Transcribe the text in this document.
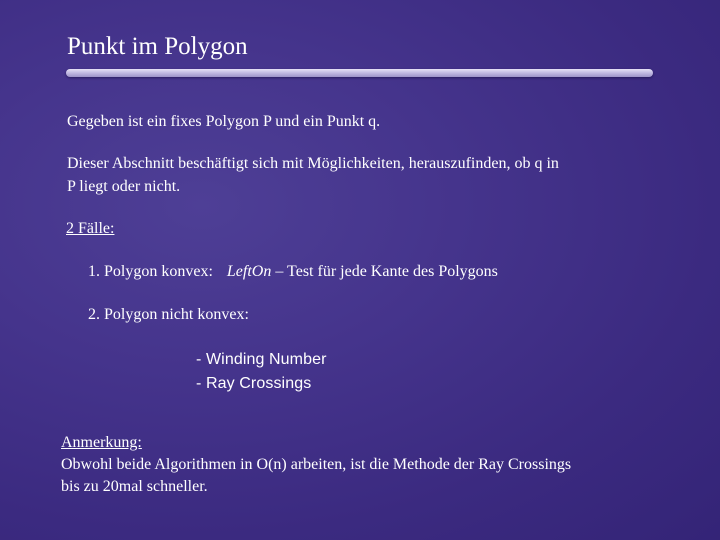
Punkt im Polygon
Gegeben ist ein fixes Polygon P und ein Punkt q.
Dieser Abschnitt beschäftigt sich mit Möglichkeiten, herauszufinden, ob q in
P liegt oder nicht.
2 Fälle:
1. Polygon konvex: LeftOn – Test für jede Kante des Polygons
2. Polygon nicht konvex:
- Winding Number
- Ray Crossings
Anmerkung:
Obwohl beide Algorithmen in O(n) arbeiten, ist die Methode der Ray Crossings
bis zu 20mal schneller.
